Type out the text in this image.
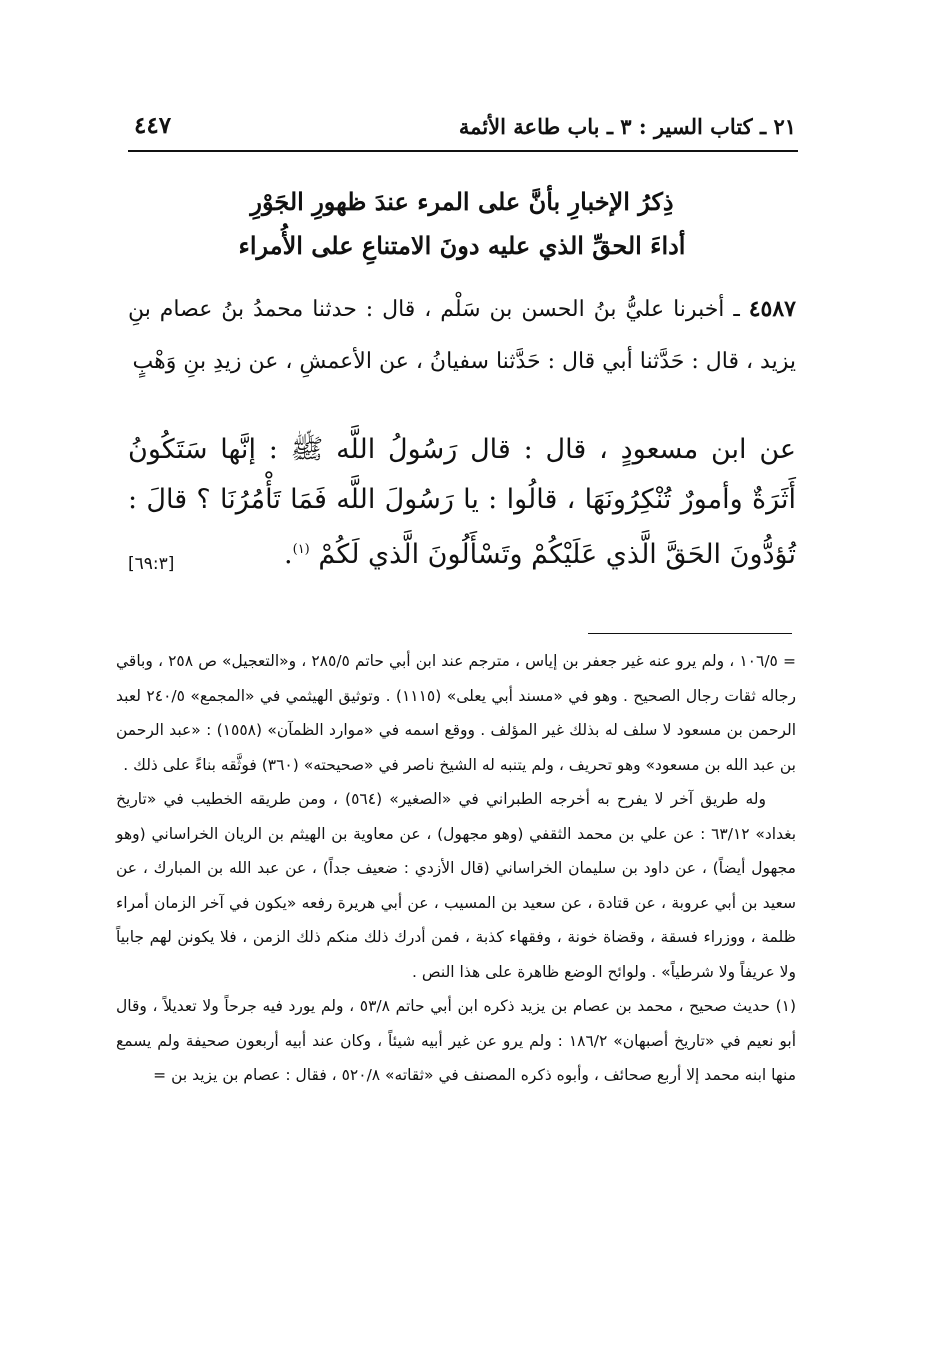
٢١ ـ كتاب السير : ٣ ـ باب طاعة الأئمة
٤٤٧
ذِكرُ الإخبارِ بأنَّ على المرء عندَ ظهورِ الجَوْرِ
أداءَ الحقِّ الذي عليه دونَ الامتناعِ على الأُمراء
٤٥٨٧ ـ أخبرنا عليُّ بنُ الحسن بن سَلْم ، قال : حدثنا محمدُ بنُ عصام بنِ يزيد ، قال : حَدَّثنا أبي قال : حَدَّثنا سفيانُ ، عن الأعمشِ ، عن زيدِ بنِ وَهْبٍ
عن ابن مسعودٍ ، قال : قال رَسُولُ اللَّه ﷺ : إنَّها سَتَكُونُ أَثَرَةٌ وأمورٌ تُنْكِرُونَهَا ، قالُوا : يا رَسُولَ اللَّه فَمَا تَأْمُرُنَا ؟ قالَ : تُؤدُّونَ الحَقَّ الَّذي عَلَيْكُمْ وتَسْأَلُونَ الَّذي لَكُمْ $^{(١)}$.
[٦٩:٣]

= ١٠٦/٥ ، ولم يرو عنه غير جعفر بن إياس ، مترجم عند ابن أبي حاتم ٢٨٥/٥ ، و«التعجيل» ص ٢٥٨ ، وباقي رجاله ثقات رجال الصحيح . وهو في «مسند أبي يعلى» (١١١٥) . وتوثيق الهيثمي في «المجمع» ٢٤٠/٥ لعبد الرحمن بن مسعود لا سلف له بذلك غير المؤلف . ووقع اسمه في «موارد الظمآن» (١٥٥٨) : «عبد الرحمن بن عبد الله بن مسعود» وهو تحريف ، ولم يتنبه له الشيخ ناصر في «صحيحته» (٣٦٠) فوثَّقه بناءً على ذلك .

وله طريق آخر لا يفرح به أخرجه الطبراني في «الصغير» (٥٦٤) ، ومن طريقه الخطيب في «تاريخ بغداد» ٦٣/١٢ : عن علي بن محمد الثقفي (وهو مجهول) ، عن معاوية بن الهيثم بن الريان الخراساني (وهو مجهول أيضاً) ، عن داود بن سليمان الخراساني (قال الأزدي : ضعيف جداً) ، عن عبد الله بن المبارك ، عن سعيد بن أبي عروبة ، عن قتادة ، عن سعيد بن المسيب ، عن أبي هريرة رفعه «يكون في آخر الزمان أمراء ظلمة ، ووزراء فسقة ، وقضاة خونة ، وفقهاء كذبة ، فمن أدرك ذلك منكم ذلك الزمن ، فلا يكونن لهم جابياً ولا عريفاً ولا شرطياً» . ولوائح الوضع ظاهرة على هذا النص .

(١) حديث صحيح ، محمد بن عصام بن يزيد ذكره ابن أبي حاتم ٥٣/٨ ، ولم يورد فيه جرحاً ولا تعديلاً ، وقال أبو نعيم في «تاريخ أصبهان» ١٨٦/٢ : ولم يرو عن غير أبيه شيئاً ، وكان عند أبيه أربعون صحيفة ولم يسمع منها ابنه محمد إلا أربع صحائف ، وأبوه ذكره المصنف في «ثقاته» ٥٢٠/٨ ، فقال : عصام بن يزيد بن =
